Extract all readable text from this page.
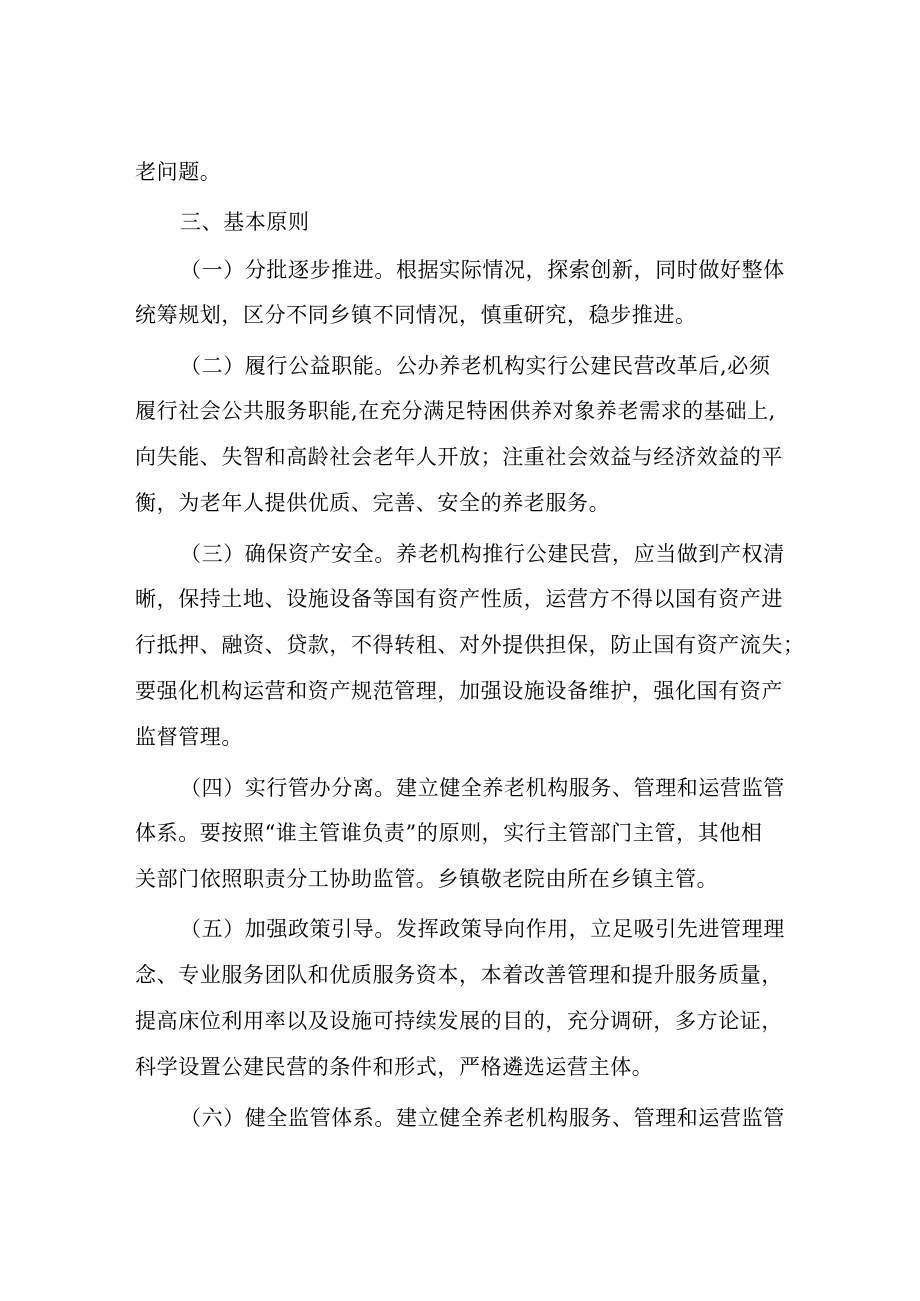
老问题。
三、基本原则
（一）分批逐步推进。根据实际情况，探索创新，同时做好整体
统筹规划，区分不同乡镇不同情况，慎重研究，稳步推进。
（二）履行公益职能。公办养老机构实行公建民营改革后,必须
履行社会公共服务职能,在充分满足特困供养对象养老需求的基础上,
向失能、失智和高龄社会老年人开放；注重社会效益与经济效益的平
衡，为老年人提供优质、完善、安全的养老服务。
（三）确保资产安全。养老机构推行公建民营，应当做到产权清
晰，保持土地、设施设备等国有资产性质，运营方不得以国有资产进
行抵押、融资、贷款，不得转租、对外提供担保，防止国有资产流失；
要强化机构运营和资产规范管理，加强设施设备维护，强化国有资产
监督管理。
（四）实行管办分离。建立健全养老机构服务、管理和运营监管
体系。要按照“谁主管谁负责”的原则，实行主管部门主管，其他相
关部门依照职责分工协助监管。乡镇敬老院由所在乡镇主管。
（五）加强政策引导。发挥政策导向作用，立足吸引先进管理理
念、专业服务团队和优质服务资本，本着改善管理和提升服务质量，
提高床位利用率以及设施可持续发展的目的，充分调研，多方论证，
科学设置公建民营的条件和形式，严格遴选运营主体。
（六）健全监管体系。建立健全养老机构服务、管理和运营监管
